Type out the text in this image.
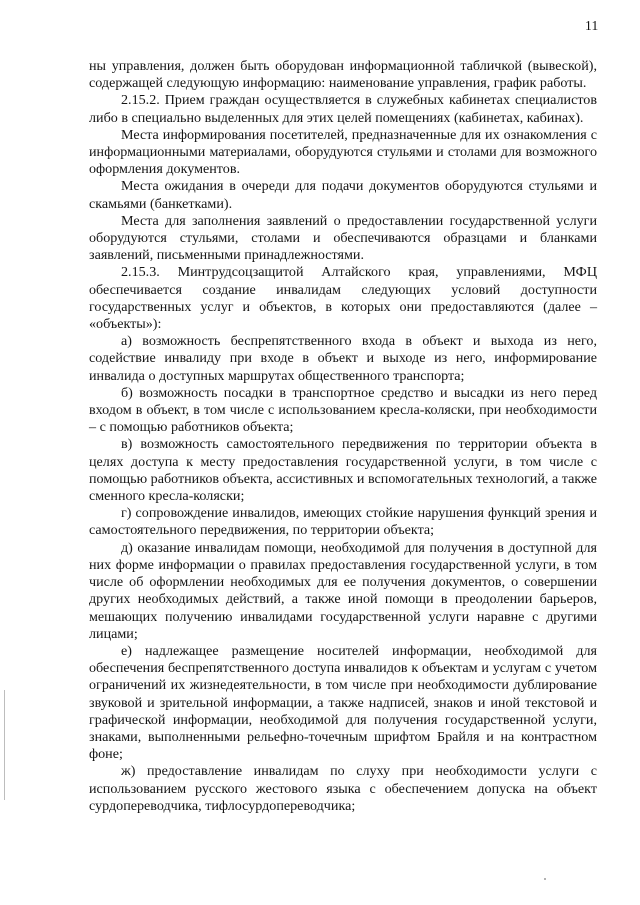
11

ны управления, должен быть оборудован информационной табличкой (вывеской), содержащей следующую информацию: наименование управления, график работы.

2.15.2. Прием граждан осуществляется в служебных кабинетах специалистов либо в специально выделенных для этих целей помещениях (кабинетах, кабинах).

Места информирования посетителей, предназначенные для их ознакомления с информационными материалами, оборудуются стульями и столами для возможного оформления документов.

Места ожидания в очереди для подачи документов оборудуются стульями и скамьями (банкетками).

Места для заполнения заявлений о предоставлении государственной услуги оборудуются стульями, столами и обеспечиваются образцами и бланками заявлений, письменными принадлежностями.

2.15.3. Минтрудсоцзащитой Алтайского края, управлениями, МФЦ обеспечивается создание инвалидам следующих условий доступности государственных услуг и объектов, в которых они предоставляются (далее – «объекты»):

а) возможность беспрепятственного входа в объект и выхода из него, содействие инвалиду при входе в объект и выходе из него, информирование инвалида о доступных маршрутах общественного транспорта;

б) возможность посадки в транспортное средство и высадки из него перед входом в объект, в том числе с использованием кресла-коляски, при необходимости – с помощью работников объекта;

в) возможность самостоятельного передвижения по территории объекта в целях доступа к месту предоставления государственной услуги, в том числе с помощью работников объекта, ассистивных и вспомогательных технологий, а также сменного кресла-коляски;

г) сопровождение инвалидов, имеющих стойкие нарушения функций зрения и самостоятельного передвижения, по территории объекта;

д) оказание инвалидам помощи, необходимой для получения в доступной для них форме информации о правилах предоставления государственной услуги, в том числе об оформлении необходимых для ее получения документов, о совершении других необходимых действий, а также иной помощи в преодолении барьеров, мешающих получению инвалидами государственной услуги наравне с другими лицами;

е) надлежащее размещение носителей информации, необходимой для обеспечения беспрепятственного доступа инвалидов к объектам и услугам с учетом ограничений их жизнедеятельности, в том числе при необходимости дублирование звуковой и зрительной информации, а также надписей, знаков и иной текстовой и графической информации, необходимой для получения государственной услуги, знаками, выполненными рельефно-точечным шрифтом Брайля и на контрастном фоне;

ж) предоставление инвалидам по слуху при необходимости услуги с использованием русского жестового языка с обеспечением допуска на объект сурдопереводчика, тифлосурдопереводчика;
